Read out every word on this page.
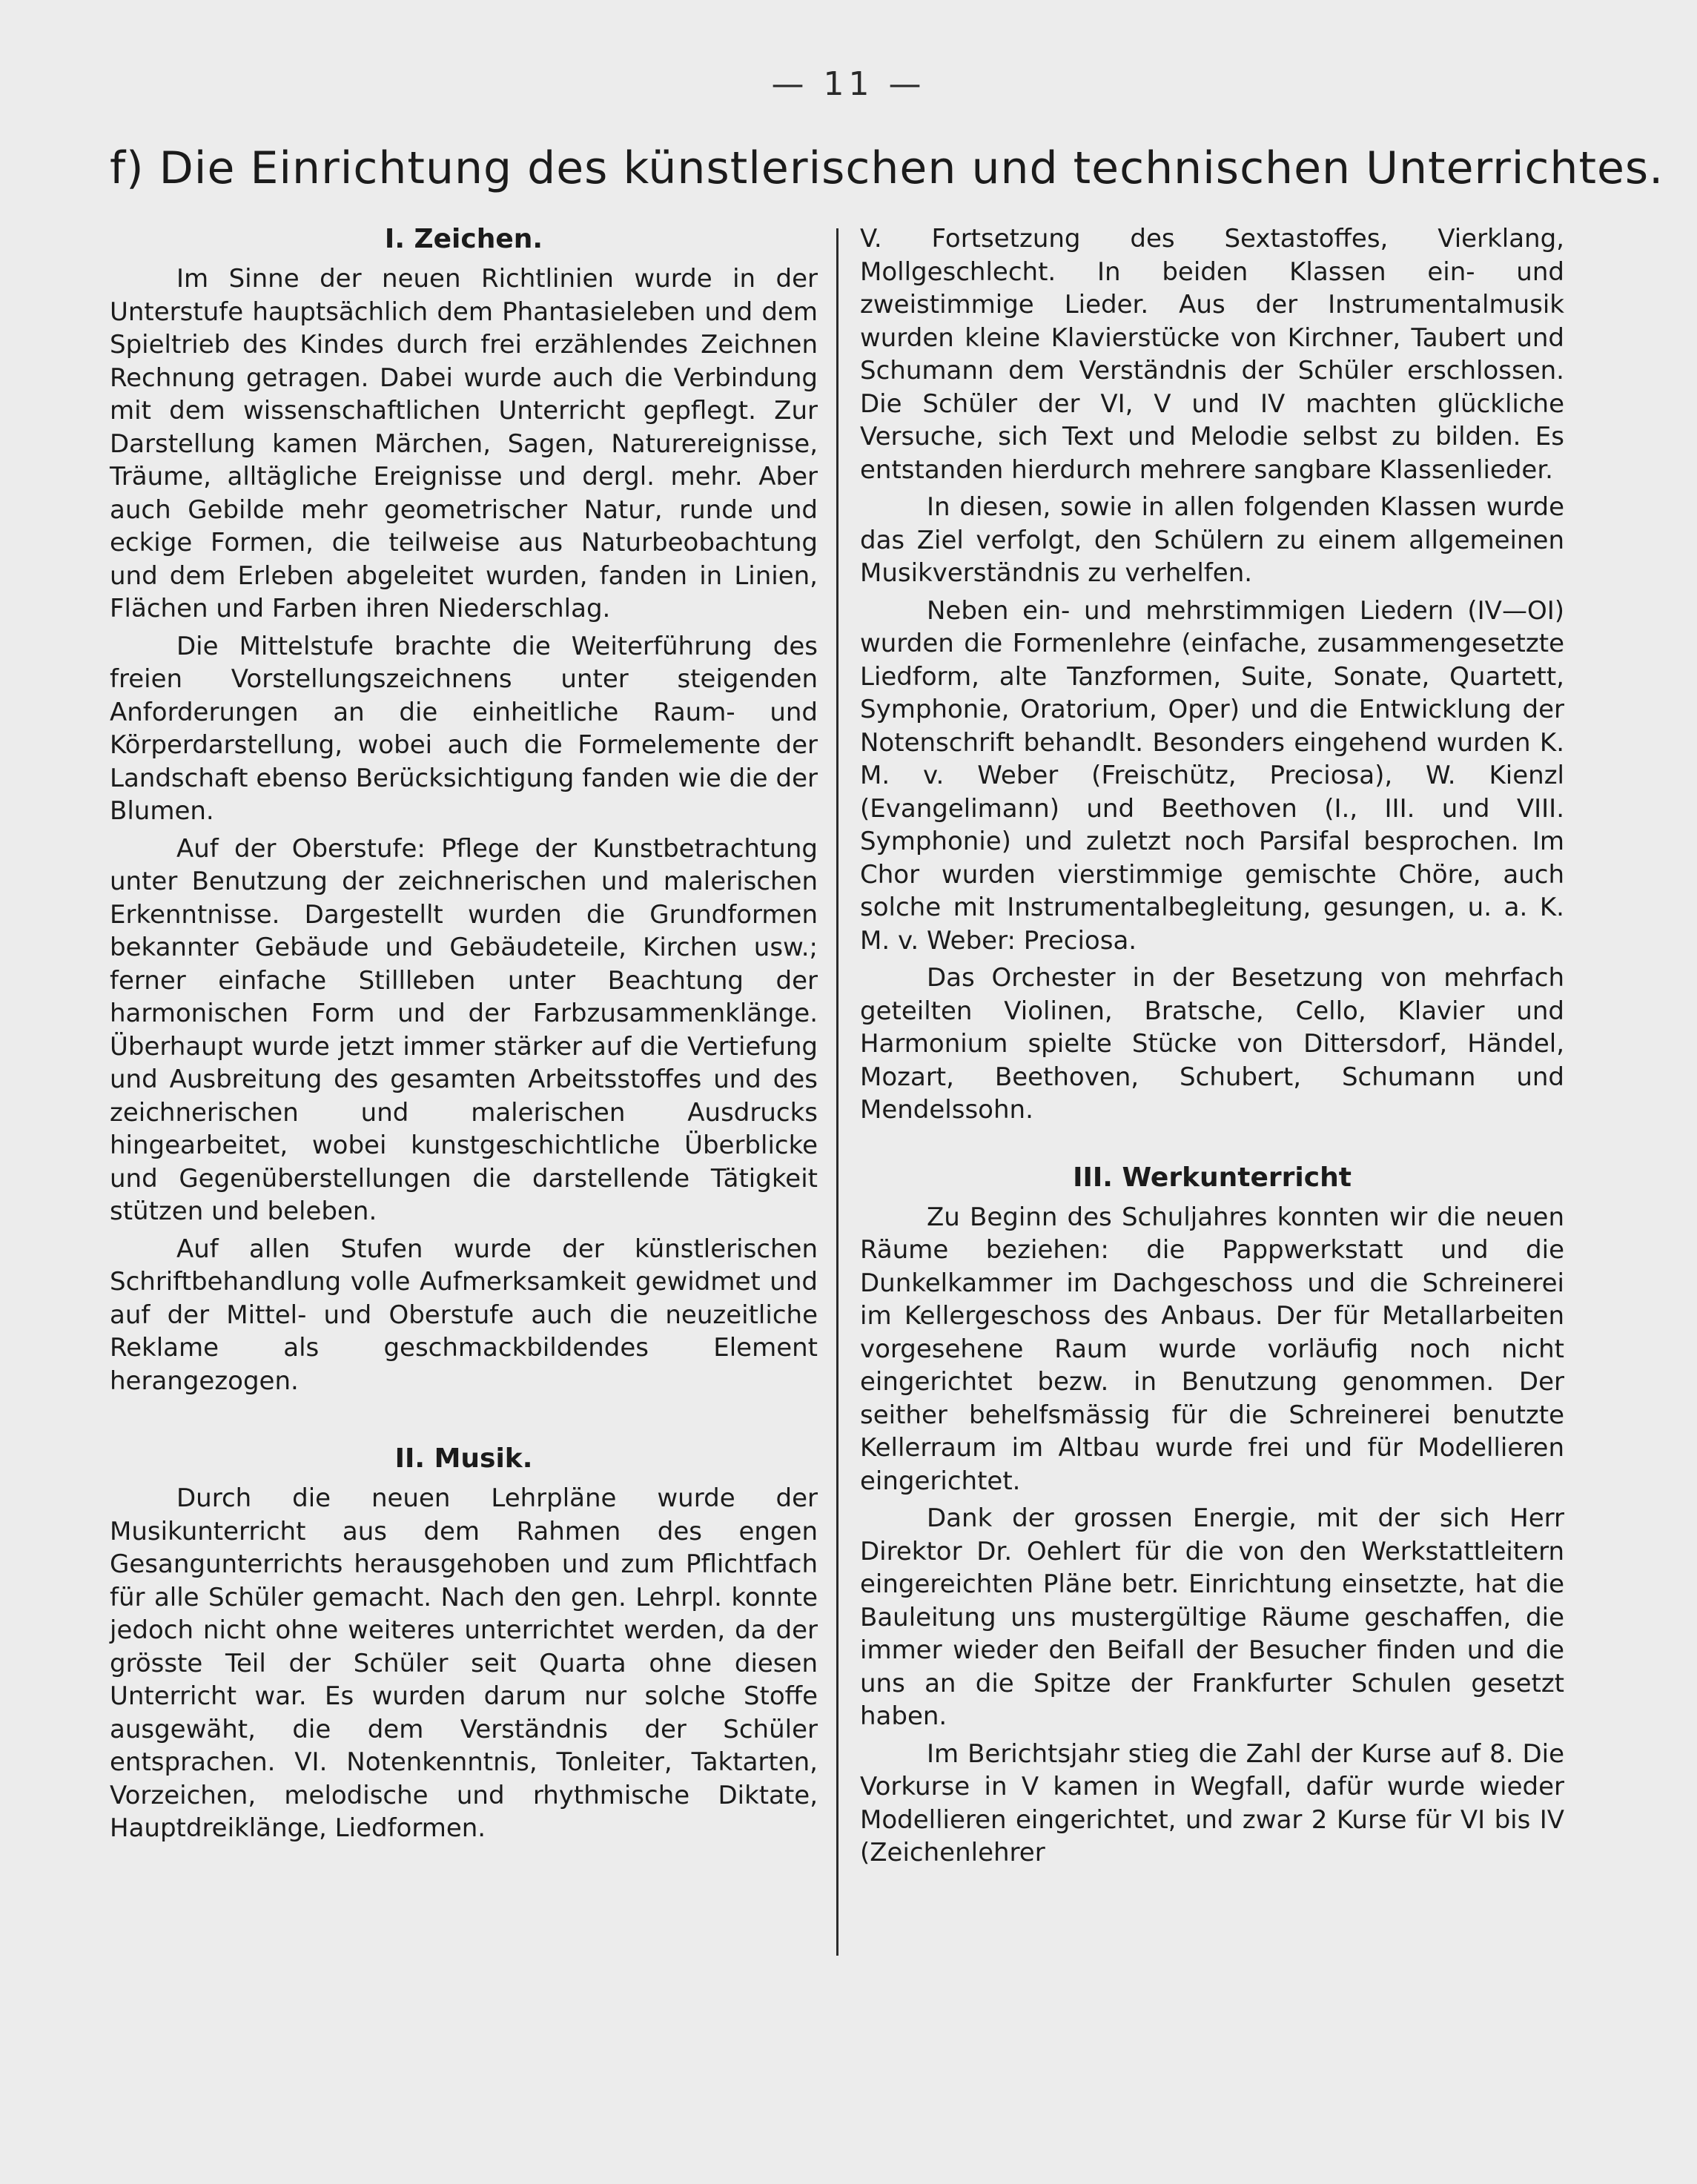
— 11 —
f) Die Einrichtung des künstlerischen und technischen Unterrichtes.
I. Zeichen.

Im Sinne der neuen Richtlinien wurde in der Unterstufe hauptsächlich dem Phantasieleben und dem Spieltrieb des Kindes durch frei erzählendes Zeichnen Rechnung getragen. Dabei wurde auch die Verbindung mit dem wissenschaftlichen Unterricht gepflegt. Zur Darstellung kamen Märchen, Sagen, Naturereignisse, Träume, alltägliche Ereignisse und dergl. mehr. Aber auch Gebilde mehr geometrischer Natur, runde und eckige Formen, die teilweise aus Naturbeobachtung und dem Erleben abgeleitet wurden, fanden in Linien, Flächen und Farben ihren Niederschlag.

Die Mittelstufe brachte die Weiterführung des freien Vorstellungszeichnens unter steigenden Anforderungen an die einheitliche Raum- und Körperdarstellung, wobei auch die Formelemente der Landschaft ebenso Berücksichtigung fanden wie die der Blumen.

Auf der Oberstufe: Pflege der Kunstbetrachtung unter Benutzung der zeichnerischen und malerischen Erkenntnisse. Dargestellt wurden die Grundformen bekannter Gebäude und Gebäudeteile, Kirchen usw.; ferner einfache Stillleben unter Beachtung der harmonischen Form und der Farbzusammenklänge. Überhaupt wurde jetzt immer stärker auf die Vertiefung und Ausbreitung des gesamten Arbeitsstoffes und des zeichnerischen und malerischen Ausdrucks hingearbeitet, wobei kunstgeschichtliche Überblicke und Gegenüberstellungen die darstellende Tätigkeit stützen und beleben.

Auf allen Stufen wurde der künstlerischen Schriftbehandlung volle Aufmerksamkeit gewidmet und auf der Mittel- und Oberstufe auch die neuzeitliche Reklame als geschmackbildendes Element herangezogen.

II. Musik.

Durch die neuen Lehrpläne wurde der Musikunterricht aus dem Rahmen des engen Gesangunterrichts herausgehoben und zum Pflichtfach für alle Schüler gemacht. Nach den gen. Lehrpl. konnte jedoch nicht ohne weiteres unterrichtet werden, da der grösste Teil der Schüler seit Quarta ohne diesen Unterricht war. Es wurden darum nur solche Stoffe ausgewäht, die dem Verständnis der Schüler entsprachen. VI. Notenkenntnis, Tonleiter, Taktarten, Vorzeichen, melodische und rhythmische Diktate, Hauptdreiklänge, Liedformen.

V. Fortsetzung des Sextastoffes, Vierklang, Mollgeschlecht. In beiden Klassen ein- und zweistimmige Lieder. Aus der Instrumentalmusik wurden kleine Klavierstücke von Kirchner, Taubert und Schumann dem Verständnis der Schüler erschlossen. Die Schüler der VI, V und IV machten glückliche Versuche, sich Text und Melodie selbst zu bilden. Es entstanden hierdurch mehrere sangbare Klassenlieder.

In diesen, sowie in allen folgenden Klassen wurde das Ziel verfolgt, den Schülern zu einem allgemeinen Musikverständnis zu verhelfen.

Neben ein- und mehrstimmigen Liedern (IV—OI) wurden die Formenlehre (einfache, zusammengesetzte Liedform, alte Tanzformen, Suite, Sonate, Quartett, Symphonie, Oratorium, Oper) und die Entwicklung der Notenschrift behandlt. Besonders eingehend wurden K. M. v. Weber (Freischütz, Preciosa), W. Kienzl (Evangelimann) und Beethoven (I., III. und VIII. Symphonie) und zuletzt noch Parsifal besprochen. Im Chor wurden vierstimmige gemischte Chöre, auch solche mit Instrumentalbegleitung, gesungen, u. a. K. M. v. Weber: Preciosa.

Das Orchester in der Besetzung von mehrfach geteilten Violinen, Bratsche, Cello, Klavier und Harmonium spielte Stücke von Dittersdorf, Händel, Mozart, Beethoven, Schubert, Schumann und Mendelssohn.

III. Werkunterricht

Zu Beginn des Schuljahres konnten wir die neuen Räume beziehen: die Pappwerkstatt und die Dunkelkammer im Dachgeschoss und die Schreinerei im Kellergeschoss des Anbaus. Der für Metallarbeiten vorgesehene Raum wurde vorläufig noch nicht eingerichtet bezw. in Benutzung genommen. Der seither behelfsmässig für die Schreinerei benutzte Kellerraum im Altbau wurde frei und für Modellieren eingerichtet.

Dank der grossen Energie, mit der sich Herr Direktor Dr. Oehlert für die von den Werkstattleitern eingereichten Pläne betr. Einrichtung einsetzte, hat die Bauleitung uns mustergültige Räume geschaffen, die immer wieder den Beifall der Besucher finden und die uns an die Spitze der Frankfurter Schulen gesetzt haben.

Im Berichtsjahr stieg die Zahl der Kurse auf 8. Die Vorkurse in V kamen in Wegfall, dafür wurde wieder Modellieren eingerichtet, und zwar 2 Kurse für VI bis IV (Zeichenlehrer
